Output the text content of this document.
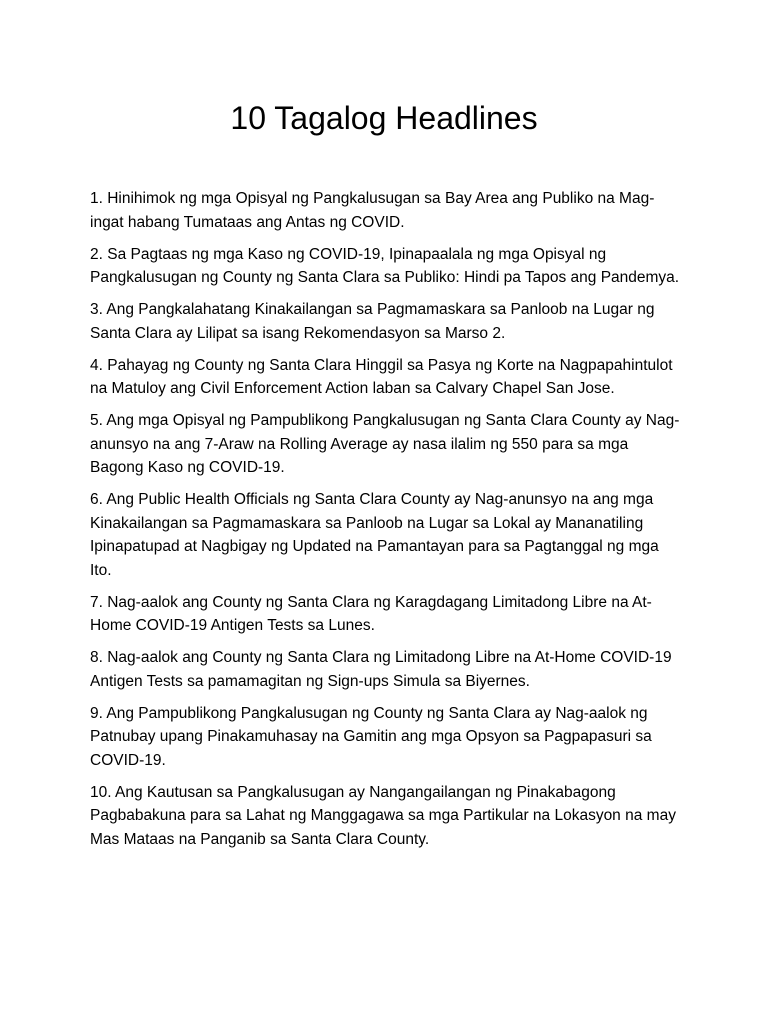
10 Tagalog Headlines
1. Hinihimok ng mga Opisyal ng Pangkalusugan sa Bay Area ang Publiko na Mag-ingat habang Tumataas ang Antas ng COVID.
2. Sa Pagtaas ng mga Kaso ng COVID-19, Ipinapaalala ng mga Opisyal ng Pangkalusugan ng County ng Santa Clara sa Publiko: Hindi pa Tapos ang Pandemya.
3. Ang Pangkalahatang Kinakailangan sa Pagmamaskara sa Panloob na Lugar ng Santa Clara ay Lilipat sa isang Rekomendasyon sa Marso 2.
4. Pahayag ng County ng Santa Clara Hinggil sa Pasya ng Korte na Nagpapahintulot na Matuloy ang Civil Enforcement Action laban sa Calvary Chapel San Jose.
5. Ang mga Opisyal ng Pampublikong Pangkalusugan ng Santa Clara County ay Nag-anunsyo na ang 7-Araw na Rolling Average ay nasa ilalim ng 550 para sa mga Bagong Kaso ng COVID-19.
6. Ang Public Health Officials ng Santa Clara County ay Nag-anunsyo na ang mga Kinakailangan sa Pagmamaskara sa Panloob na Lugar sa Lokal ay Mananatiling Ipinapatupad at Nagbigay ng Updated na Pamantayan para sa Pagtanggal ng mga Ito.
7. Nag-aalok ang County ng Santa Clara ng Karagdagang Limitadong Libre na At-Home COVID-19 Antigen Tests sa Lunes.
8. Nag-aalok ang County ng Santa Clara ng Limitadong Libre na At-Home COVID-19 Antigen Tests sa pamamagitan ng Sign-ups Simula sa Biyernes.
9. Ang Pampublikong Pangkalusugan ng County ng Santa Clara ay Nag-aalok ng Patnubay upang Pinakamuhasay na Gamitin ang mga Opsyon sa Pagpapasuri sa COVID-19.
10. Ang Kautusan sa Pangkalusugan ay Nangangailangan ng Pinakabagong Pagbabakuna para sa Lahat ng Manggagawa sa mga Partikular na Lokasyon na may Mas Mataas na Panganib sa Santa Clara County.
